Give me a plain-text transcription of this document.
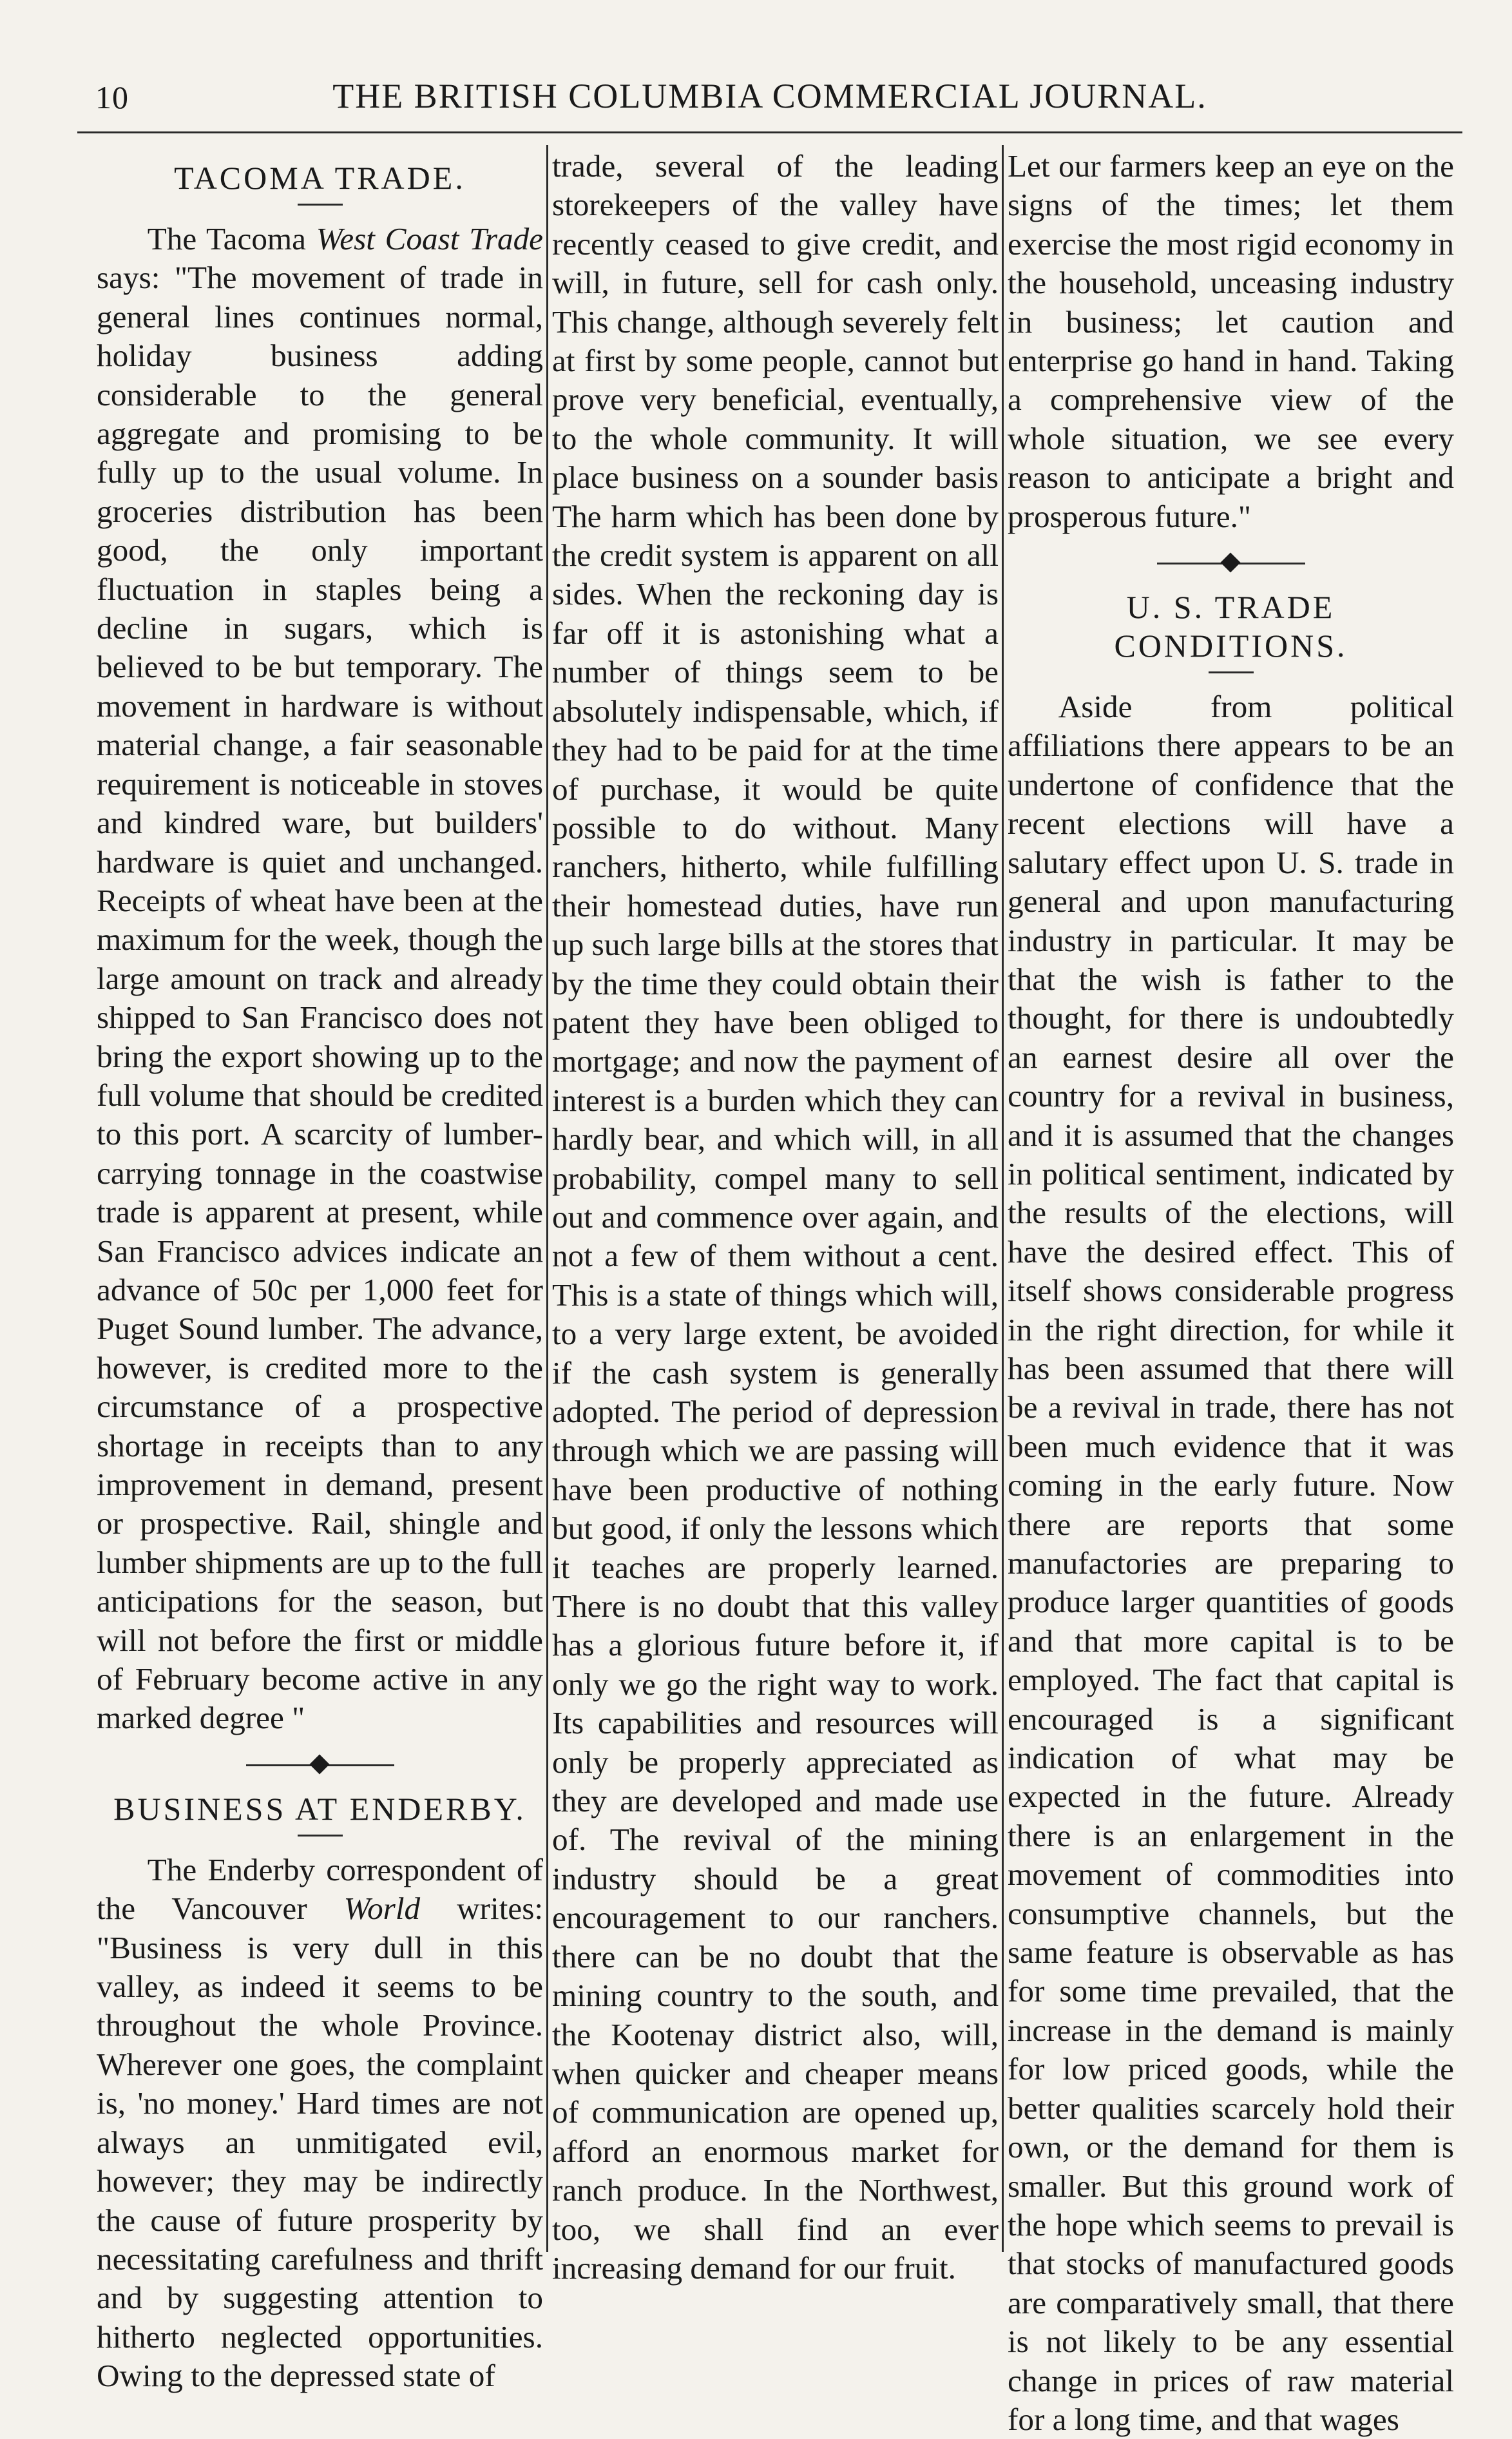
10	THE BRITISH COLUMBIA COMMERCIAL JOURNAL.
TACOMA TRADE.

The Tacoma West Coast Trade says: "The movement of trade in general lines continues normal, holiday business adding considerable to the general aggregate and promising to be fully up to the usual volume. In groceries distribution has been good, the only important fluctuation in staples being a decline in sugars, which is believed to be but temporary. The movement in hardware is without material change, a fair seasonable requirement is noticeable in stoves and kindred ware, but builders' hardware is quiet and unchanged. Receipts of wheat have been at the maximum for the week, though the large amount on track and already shipped to San Francisco does not bring the export showing up to the full volume that should be credited to this port. A scarcity of lumber-carrying tonnage in the coastwise trade is apparent at present, while San Francisco advices indicate an advance of 50c per 1,000 feet for Puget Sound lumber. The advance, however, is credited more to the circumstance of a prospective shortage in receipts than to any improvement in demand, present or prospective. Rail, shingle and lumber shipments are up to the full anticipations for the season, but will not before the first or middle of February become active in any marked degree "

BUSINESS AT ENDERBY.

The Enderby correspondent of the Vancouver World writes: "Business is very dull in this valley, as indeed it seems to be throughout the whole Province. Wherever one goes, the complaint is, 'no money.' Hard times are not always an unmitigated evil, however; they may be indirectly the cause of future prosperity by necessitating carefulness and thrift and by suggesting attention to hitherto neglected opportunities. Owing to the depressed state of

trade, several of the leading storekeepers of the valley have recently ceased to give credit, and will, in future, sell for cash only. This change, although severely felt at first by some people, cannot but prove very beneficial, eventually, to the whole community. It will place business on a sounder basis The harm which has been done by the credit system is apparent on all sides. When the reckoning day is far off it is astonishing what a number of things seem to be absolutely indispensable, which, if they had to be paid for at the time of purchase, it would be quite possible to do without. Many ranchers, hitherto, while fulfilling their homestead duties, have run up such large bills at the stores that by the time they could obtain their patent they have been obliged to mortgage; and now the payment of interest is a burden which they can hardly bear, and which will, in all probability, compel many to sell out and commence over again, and not a few of them without a cent. This is a state of things which will, to a very large extent, be avoided if the cash system is generally adopted. The period of depression through which we are passing will have been productive of nothing but good, if only the lessons which it teaches are properly learned. There is no doubt that this valley has a glorious future before it, if only we go the right way to work. Its capabilities and resources will only be properly appreciated as they are developed and made use of. The revival of the mining industry should be a great encouragement to our ranchers. there can be no doubt that the mining country to the south, and the Kootenay district also, will, when quicker and cheaper means of communication are opened up, afford an enormous market for ranch produce. In the Northwest, too, we shall find an ever increasing demand for our fruit.

Let our farmers keep an eye on the signs of the times; let them exercise the most rigid economy in the household, unceasing industry in business; let caution and enterprise go hand in hand. Taking a comprehensive view of the whole situation, we see every reason to anticipate a bright and prosperous future."

U. S. TRADE CONDITIONS.

Aside from political affiliations there appears to be an undertone of confidence that the recent elections will have a salutary effect upon U. S. trade in general and upon manufacturing industry in particular. It may be that the wish is father to the thought, for there is undoubtedly an earnest desire all over the country for a revival in business, and it is assumed that the changes in political sentiment, indicated by the results of the elections, will have the desired effect. This of itself shows considerable progress in the right direction, for while it has been assumed that there will be a revival in trade, there has not been much evidence that it was coming in the early future. Now there are reports that some manufactories are preparing to produce larger quantities of goods and that more capital is to be employed. The fact that capital is encouraged is a significant indication of what may be expected in the future. Already there is an enlargement in the movement of commodities into consumptive channels, but the same feature is observable as has for some time prevailed, that the increase in the demand is mainly for low priced goods, while the better qualities scarcely hold their own, or the demand for them is smaller. But this ground work of the hope which seems to prevail is that stocks of manufactured goods are comparatively small, that there is not likely to be any essential change in prices of raw material for a long time, and that wages
